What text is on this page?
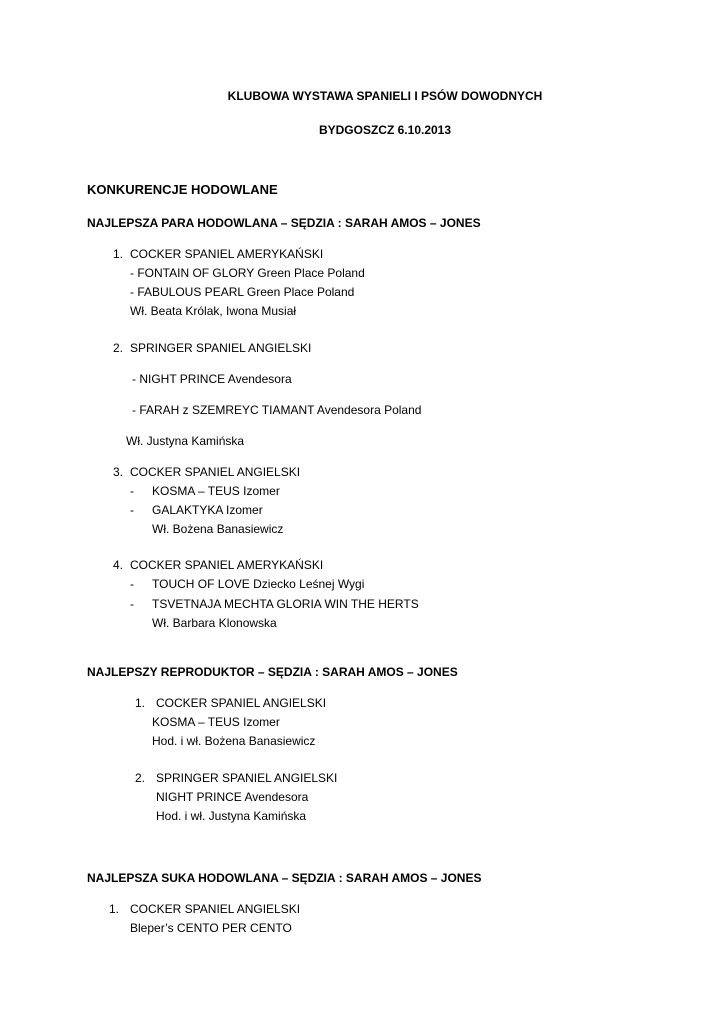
KLUBOWA WYSTAWA SPANIELI I PSÓW DOWODNYCH
BYDGOSZCZ 6.10.2013
KONKURENCJE HODOWLANE
NAJLEPSZA PARA HODOWLANA – SĘDZIA : SARAH AMOS – JONES
1. COCKER SPANIEL AMERYKAŃSKI
- FONTAIN OF GLORY Green Place Poland
- FABULOUS PEARL Green Place Poland
Wł. Beata Królak, Iwona Musiał
2. SPRINGER SPANIEL ANGIELSKI
- NIGHT PRINCE Avendesora
- FARAH z SZEMREYC TIAMANT Avendesora Poland
Wł. Justyna Kamińska
3. COCKER SPANIEL ANGIELSKI
- KOSMA – TEUS Izomer
- GALAKTYKA Izomer
Wł. Bożena Banasiewicz
4. COCKER SPANIEL AMERYKAŃSKI
- TOUCH OF LOVE Dziecko Leśnej Wygi
- TSVETNAJA MECHTA GLORIA WIN THE HERTS
Wł. Barbara Klonowska
NAJLEPSZY REPRODUKTOR – SĘDZIA : SARAH AMOS – JONES
1. COCKER SPANIEL ANGIELSKI
KOSMA – TEUS Izomer
Hod. i wł. Bożena Banasiewicz
2. SPRINGER SPANIEL ANGIELSKI
NIGHT PRINCE Avendesora
Hod. i wł. Justyna Kamińska
NAJLEPSZA SUKA HODOWLANA – SĘDZIA : SARAH AMOS – JONES
1. COCKER SPANIEL ANGIELSKI
Bleper’s CENTO PER CENTO
